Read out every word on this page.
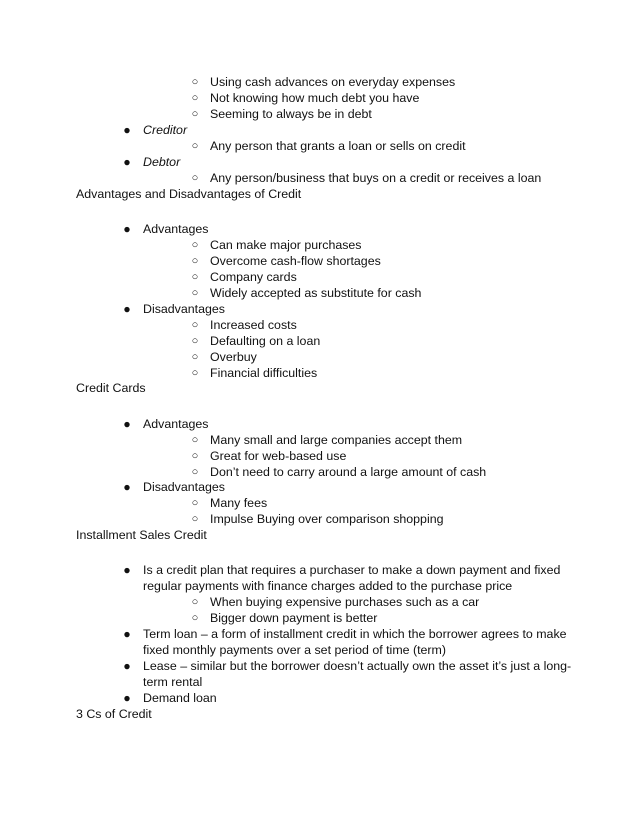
○ Using cash advances on everyday expenses
○ Not knowing how much debt you have
○ Seeming to always be in debt
● Creditor
○ Any person that grants a loan or sells on credit
● Debtor
○ Any person/business that buys on a credit or receives a loan
Advantages and Disadvantages of Credit
● Advantages
○ Can make major purchases
○ Overcome cash-flow shortages
○ Company cards
○ Widely accepted as substitute for cash
● Disadvantages
○ Increased costs
○ Defaulting on a loan
○ Overbuy
○ Financial difficulties
Credit Cards
● Advantages
○ Many small and large companies accept them
○ Great for web-based use
○ Don’t need to carry around a large amount of cash
● Disadvantages
○ Many fees
○ Impulse Buying over comparison shopping
Installment Sales Credit
● Is a credit plan that requires a purchaser to make a down payment and fixed
regular payments with finance charges added to the purchase price
○ When buying expensive purchases such as a car
○ Bigger down payment is better
● Term loan – a form of installment credit in which the borrower agrees to make
fixed monthly payments over a set period of time (term)
● Lease – similar but the borrower doesn’t actually own the asset it’s just a long-
term rental
● Demand loan
3 Cs of Credit
